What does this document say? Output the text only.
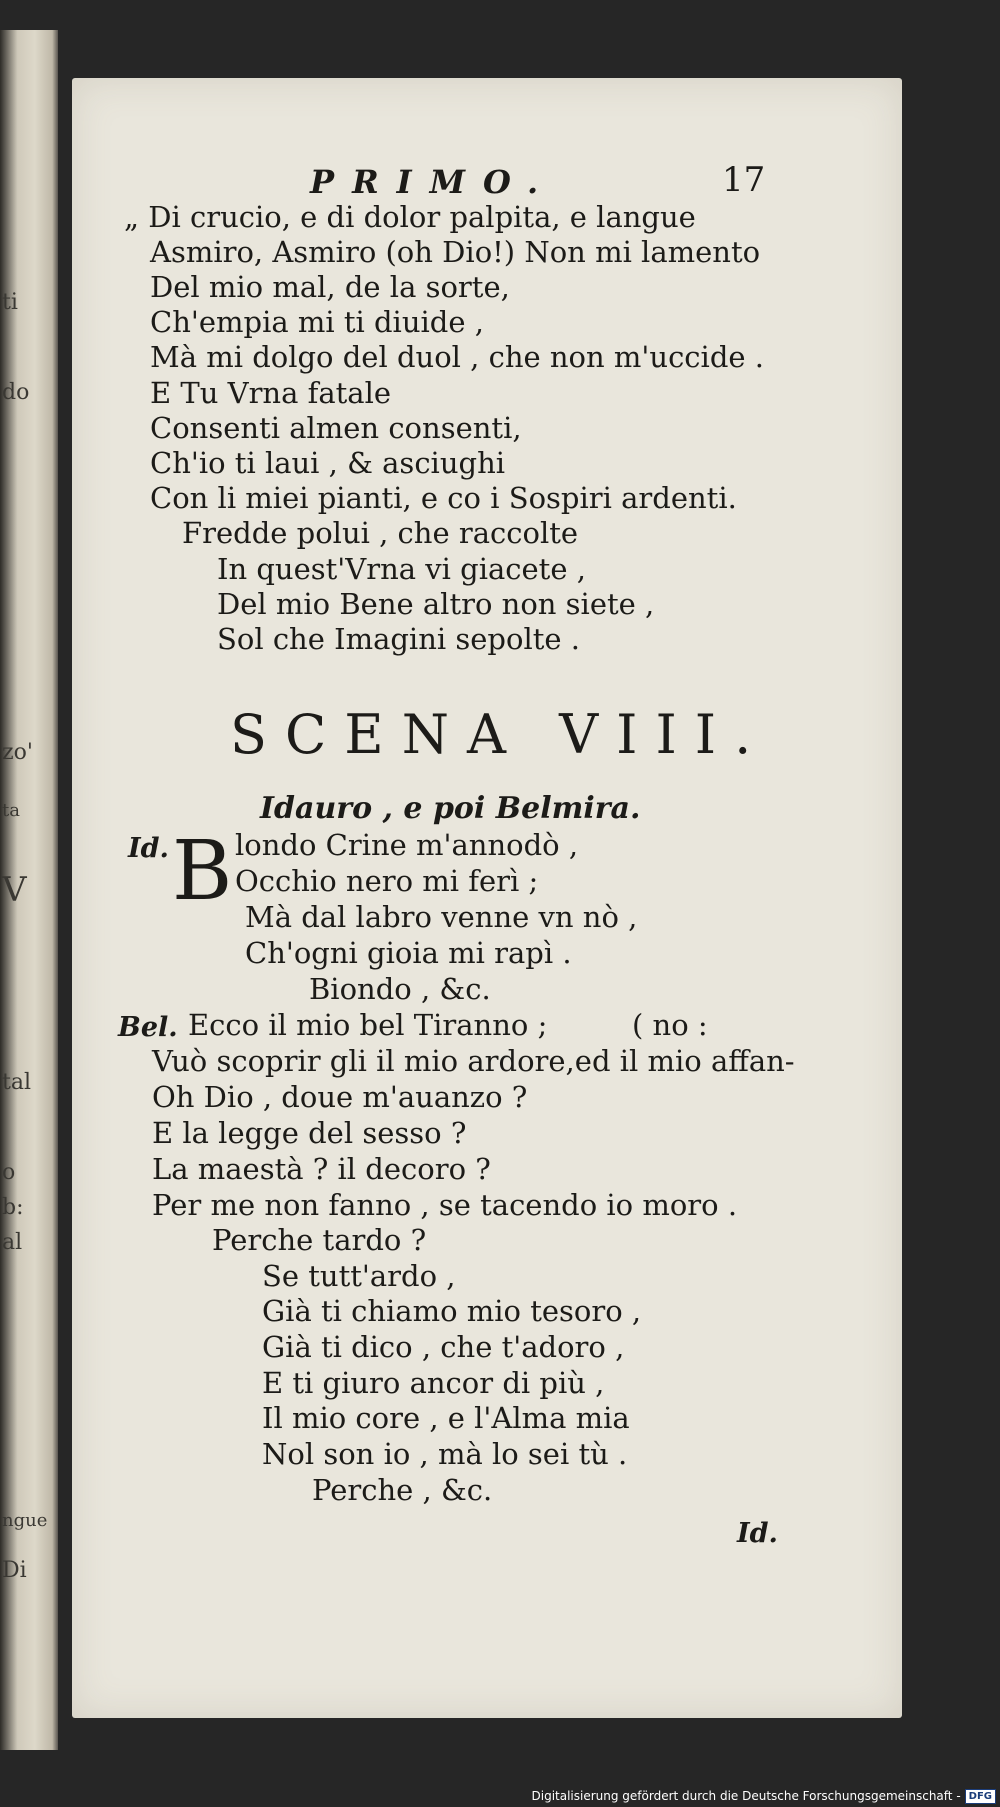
ti
do
zo'
ta
V
tal
o
b:
al
ngue
Di
PRIMO.	17
„ Di crucio, e di dolor palpita, e langue
Asmiro, Asmiro (oh Dio!) Non mi lamento
Del mio mal, de la sorte,
Ch'empia mi ti diuide ,
Mà mi dolgo del duol , che non m'uccide .
E Tu Vrna fatale
Consenti almen consenti,
Ch'io ti laui , & asciughi
Con li miei pianti, e co i Sospiri ardenti.
Fredde polui , che raccolte
In quest'Vrna vi giacete ,
Del mio Bene altro non siete ,
Sol che Imagini sepolte .
SCENA VIII.
Idauro , e poi Belmira.
Id. B londo Crine m'annodò ,
Occhio nero mi ferì ;
Mà dal labro venne vn nò ,
Ch'ogni gioia mi rapì .
Biondo , &c.
Bel. Ecco il mio bel Tiranno ;	( no :
Vuò scoprir gli il mio ardore,ed il mio affan-
Oh Dio , doue m'auanzo ?
E la legge del sesso ?
La maestà ? il decoro ?
Per me non fanno , se tacendo io moro .
Perche tardo ?
Se tutt'ardo ,
Già ti chiamo mio tesoro ,
Già ti dico , che t'adoro ,
E ti giuro ancor di più ,
Il mio core , e l'Alma mia
Nol son io , mà lo sei tù .
Perche , &c.
Id.
Digitalisierung gefördert durch die Deutsche Forschungsgemeinschaft - DFG
